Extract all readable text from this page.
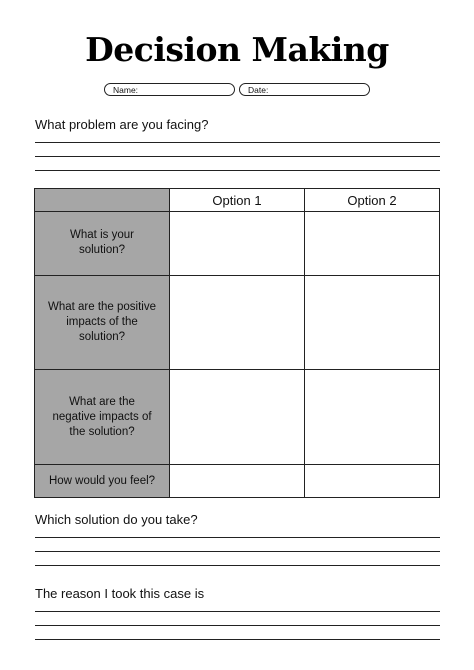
Decision Making
Name:	Date:
What problem are you facing?
	Option 1	Option 2
What is your solution?		
What are the positive impacts of the solution?		
What are the negative impacts of the solution?		
How would you feel?		
Which solution do you take?
The reason I took this case is
